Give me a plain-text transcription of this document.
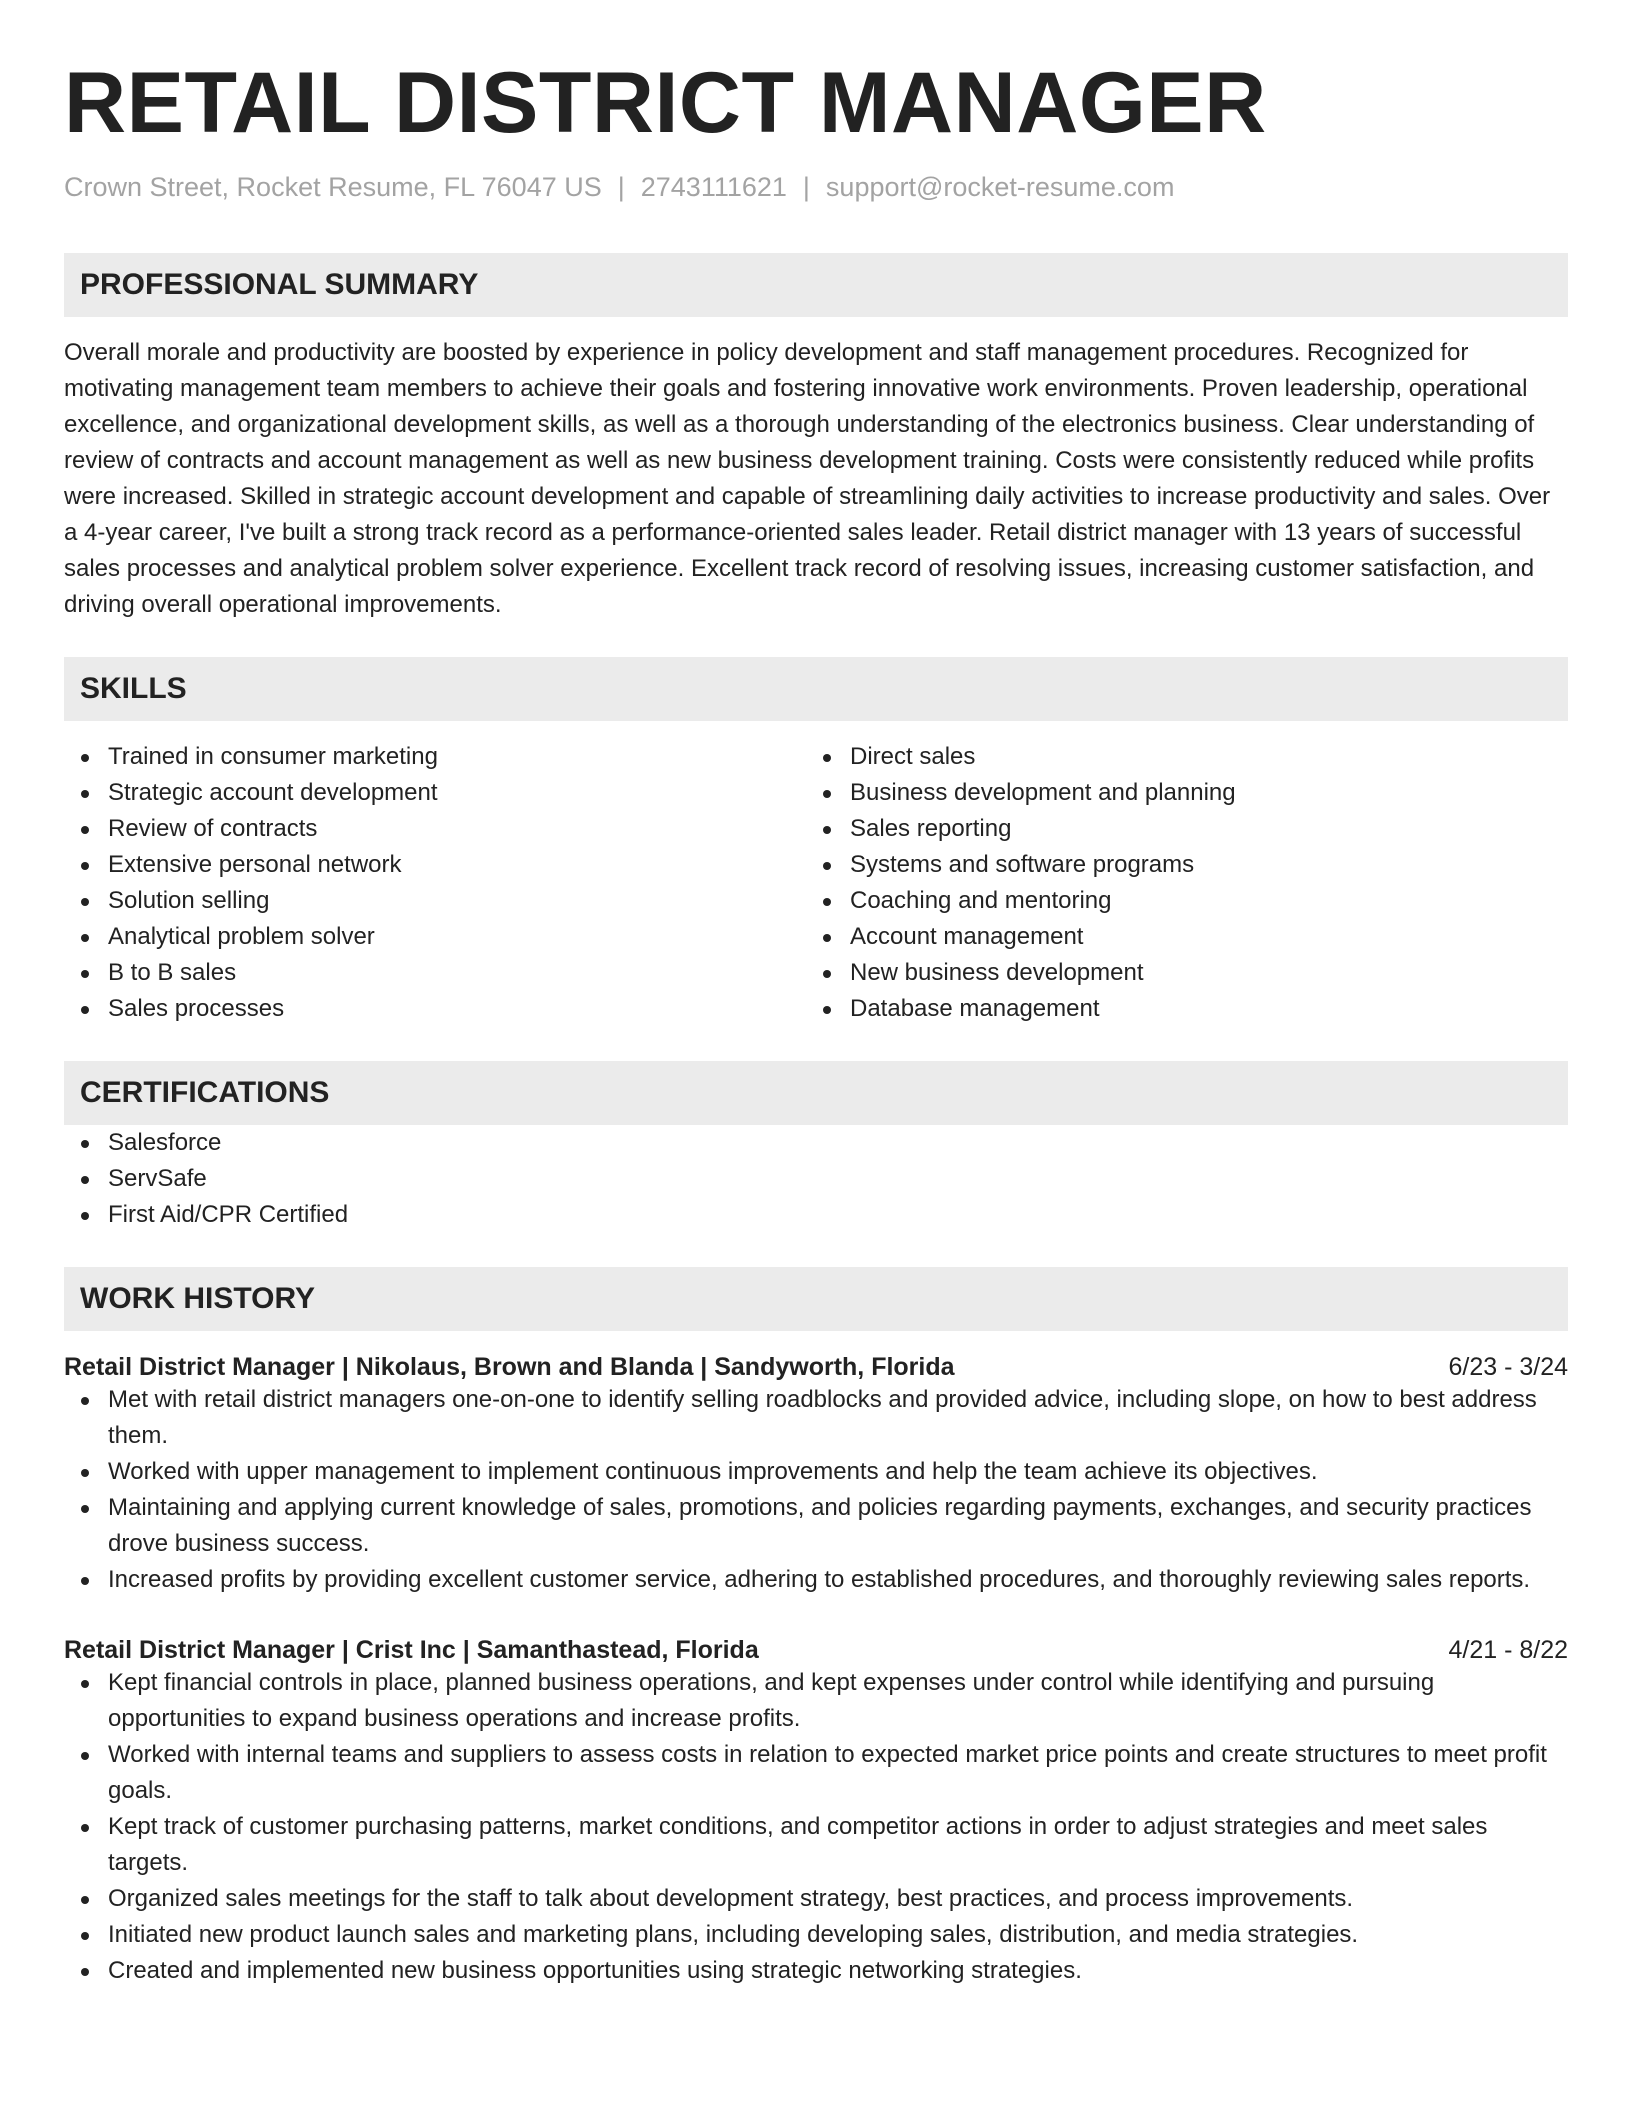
RETAIL DISTRICT MANAGER
Crown Street, Rocket Resume, FL 76047 US | 2743111621 | support@rocket-resume.com
PROFESSIONAL SUMMARY

Overall morale and productivity are boosted by experience in policy development and staff management procedures. Recognized for motivating management team members to achieve their goals and fostering innovative work environments. Proven leadership, operational excellence, and organizational development skills, as well as a thorough understanding of the electronics business. Clear understanding of review of contracts and account management as well as new business development training. Costs were consistently reduced while profits were increased. Skilled in strategic account development and capable of streamlining daily activities to increase productivity and sales. Over a 4-year career, I've built a strong track record as a performance-oriented sales leader. Retail district manager with 13 years of successful sales processes and analytical problem solver experience. Excellent track record of resolving issues, increasing customer satisfaction, and driving overall operational improvements.

SKILLS
Trained in consumer marketing
Strategic account development
Review of contracts
Extensive personal network
Solution selling
Analytical problem solver
B to B sales
Sales processes
Direct sales
Business development and planning
Sales reporting
Systems and software programs
Coaching and mentoring
Account management
New business development
Database management
CERTIFICATIONS
Salesforce
ServSafe
First Aid/CPR Certified
WORK HISTORY
Retail District Manager | Nikolaus, Brown and Blanda | Sandyworth, Florida	6/23 - 3/24
Met with retail district managers one-on-one to identify selling roadblocks and provided advice, including slope, on how to best address them.
Worked with upper management to implement continuous improvements and help the team achieve its objectives.
Maintaining and applying current knowledge of sales, promotions, and policies regarding payments, exchanges, and security practices drove business success.
Increased profits by providing excellent customer service, adhering to established procedures, and thoroughly reviewing sales reports.
Retail District Manager | Crist Inc | Samanthastead, Florida	4/21 - 8/22
Kept financial controls in place, planned business operations, and kept expenses under control while identifying and pursuing opportunities to expand business operations and increase profits.
Worked with internal teams and suppliers to assess costs in relation to expected market price points and create structures to meet profit goals.
Kept track of customer purchasing patterns, market conditions, and competitor actions in order to adjust strategies and meet sales targets.
Organized sales meetings for the staff to talk about development strategy, best practices, and process improvements.
Initiated new product launch sales and marketing plans, including developing sales, distribution, and media strategies.
Created and implemented new business opportunities using strategic networking strategies.
